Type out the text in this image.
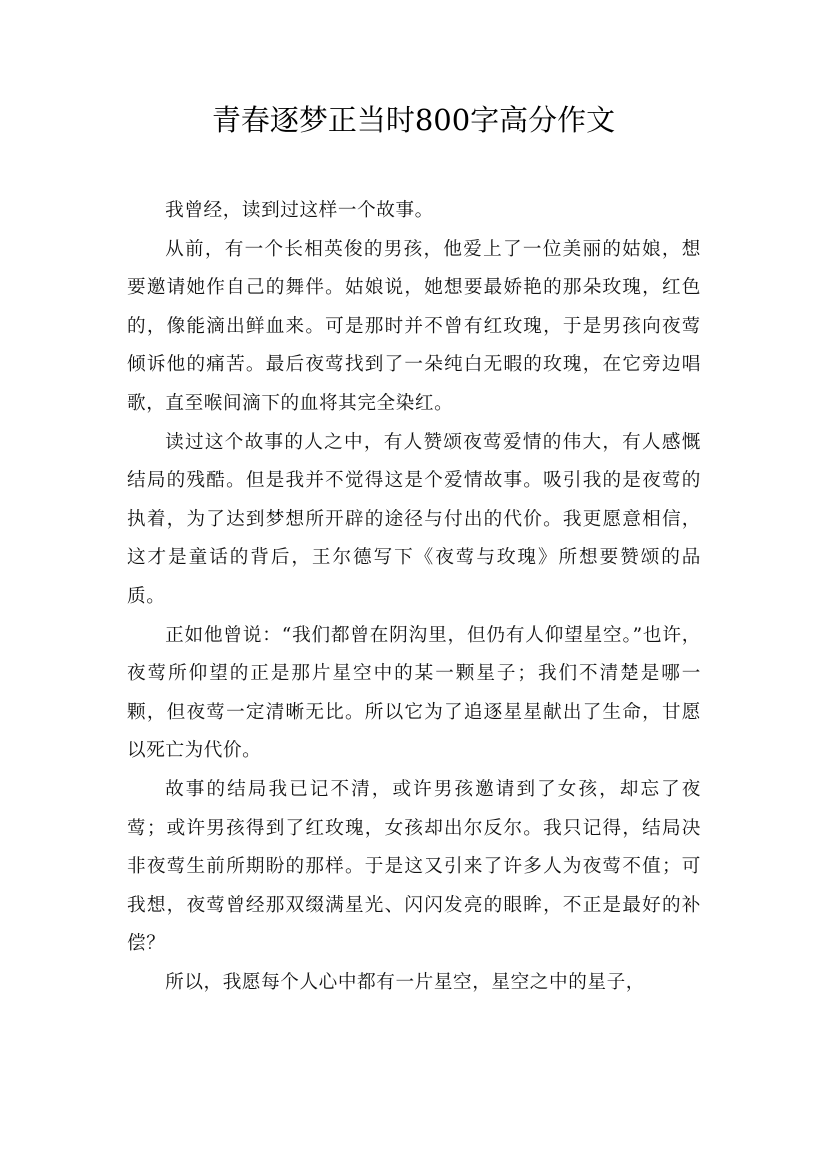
青春逐梦正当时800字高分作文

我曾经，读到过这样一个故事。

从前，有一个长相英俊的男孩，他爱上了一位美丽的姑娘，想要邀请她作自己的舞伴。姑娘说，她想要最娇艳的那朵玫瑰，红色的，像能滴出鲜血来。可是那时并不曾有红玫瑰，于是男孩向夜莺倾诉他的痛苦。最后夜莺找到了一朵纯白无暇的玫瑰，在它旁边唱歌，直至喉间滴下的血将其完全染红。

读过这个故事的人之中，有人赞颂夜莺爱情的伟大，有人感慨结局的残酷。但是我并不觉得这是个爱情故事。吸引我的是夜莺的执着，为了达到梦想所开辟的途径与付出的代价。我更愿意相信，这才是童话的背后，王尔德写下《夜莺与玫瑰》所想要赞颂的品质。

正如他曾说：“我们都曾在阴沟里，但仍有人仰望星空。”也许，夜莺所仰望的正是那片星空中的某一颗星子；我们不清楚是哪一颗，但夜莺一定清晰无比。所以它为了追逐星星献出了生命，甘愿以死亡为代价。

故事的结局我已记不清，或许男孩邀请到了女孩，却忘了夜莺；或许男孩得到了红玫瑰，女孩却出尔反尔。我只记得，结局决非夜莺生前所期盼的那样。于是这又引来了许多人为夜莺不值；可我想，夜莺曾经那双缀满星光、闪闪发亮的眼眸，不正是最好的补偿？

所以，我愿每个人心中都有一片星空，星空之中的星子，
